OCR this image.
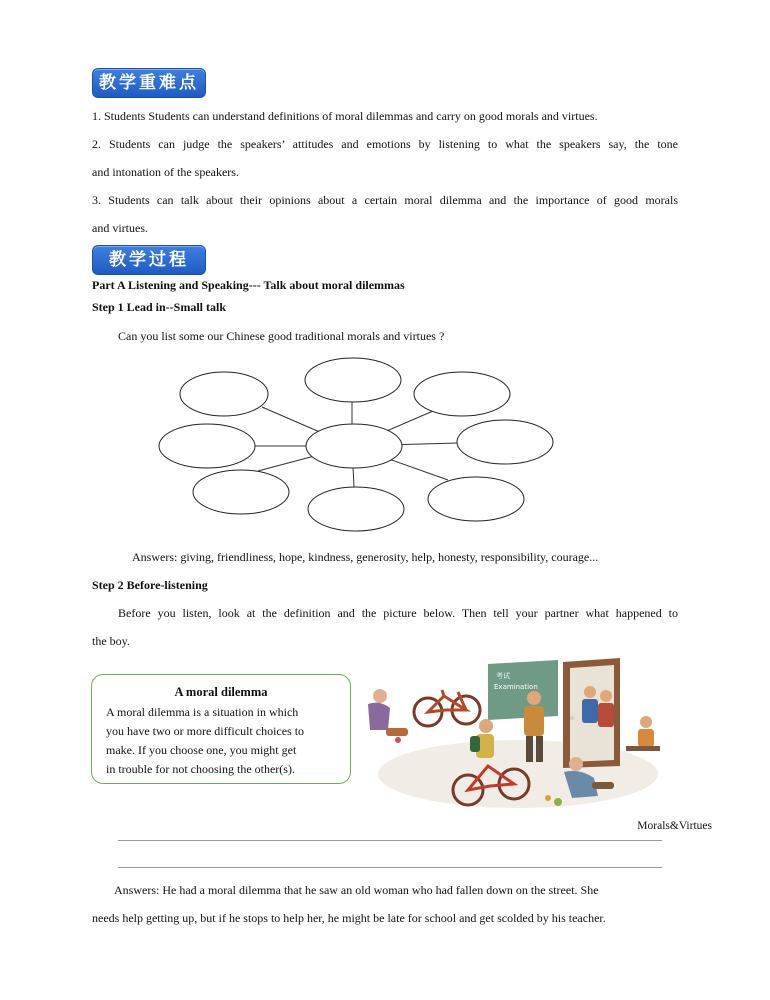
教学重难点
1. Students Students can understand definitions of moral dilemmas and carry on good morals and virtues.
2. Students can judge the speakers’ attitudes and emotions by listening to what the speakers say, the tone
and intonation of the speakers.
3. Students can talk about their opinions about a certain moral dilemma and the importance of good morals
and virtues.
教学过程
Part A Listening and Speaking--- Talk about moral dilemmas
Step 1 Lead in--Small talk
Can you list some our Chinese good traditional morals and virtues ?
Answers: giving, friendliness, hope, kindness, generosity, help, honesty, responsibility, courage...
Step 2 Before-listening
Before you listen, look at the definition and the picture below. Then tell your partner what happened to
the boy.
A moral dilemma
A moral dilemma is a situation in which
you have two or more difficult choices to
make. If you choose one, you might get
in trouble for not choosing the other(s).
考试
Examination
Morals&Virtues
Answers: He had a moral dilemma that he saw an old woman who had fallen down on the street. She
needs help getting up, but if he stops to help her, he might be late for school and get scolded by his teacher.
